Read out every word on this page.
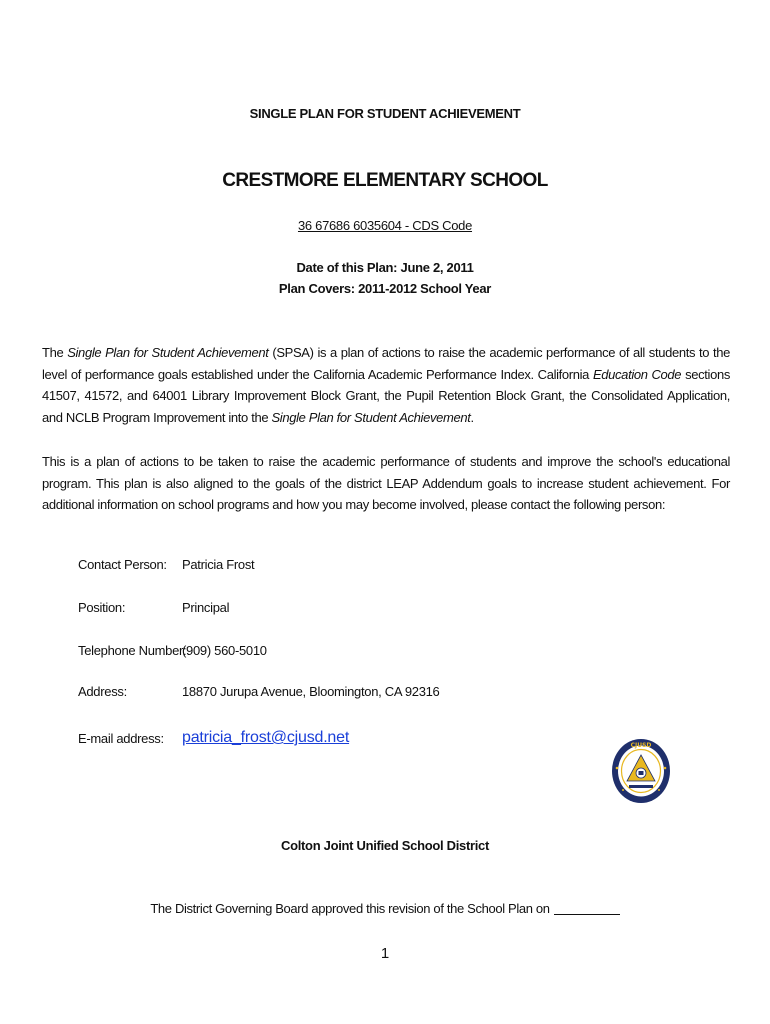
SINGLE PLAN FOR STUDENT ACHIEVEMENT
CRESTMORE ELEMENTARY SCHOOL
36 67686 6035604 - CDS Code
Date of this Plan: June 2, 2011
Plan Covers: 2011-2012 School Year
The Single Plan for Student Achievement (SPSA) is a plan of actions to raise the academic performance of all students to the level of performance goals established under the California Academic Performance Index. California Education Code sections 41507, 41572, and 64001 Library Improvement Block Grant, the Pupil Retention Block Grant, the Consolidated Application, and NCLB Program Improvement into the Single Plan for Student Achievement.
This is a plan of actions to be taken to raise the academic performance of students and improve the school's educational program. This plan is also aligned to the goals of the district LEAP Addendum goals to increase student achievement. For additional information on school programs and how you may become involved, please contact the following person:
Contact Person: Patricia Frost
Position:	Principal
Telephone Number:
(909) 560-5010
Address:	18870 Jurupa Avenue, Bloomington, CA 92316
E-mail address: patricia_frost@cjusd.net	CJUSD
Colton Joint Unified School District
The District Governing Board approved this revision of the School Plan on
1
